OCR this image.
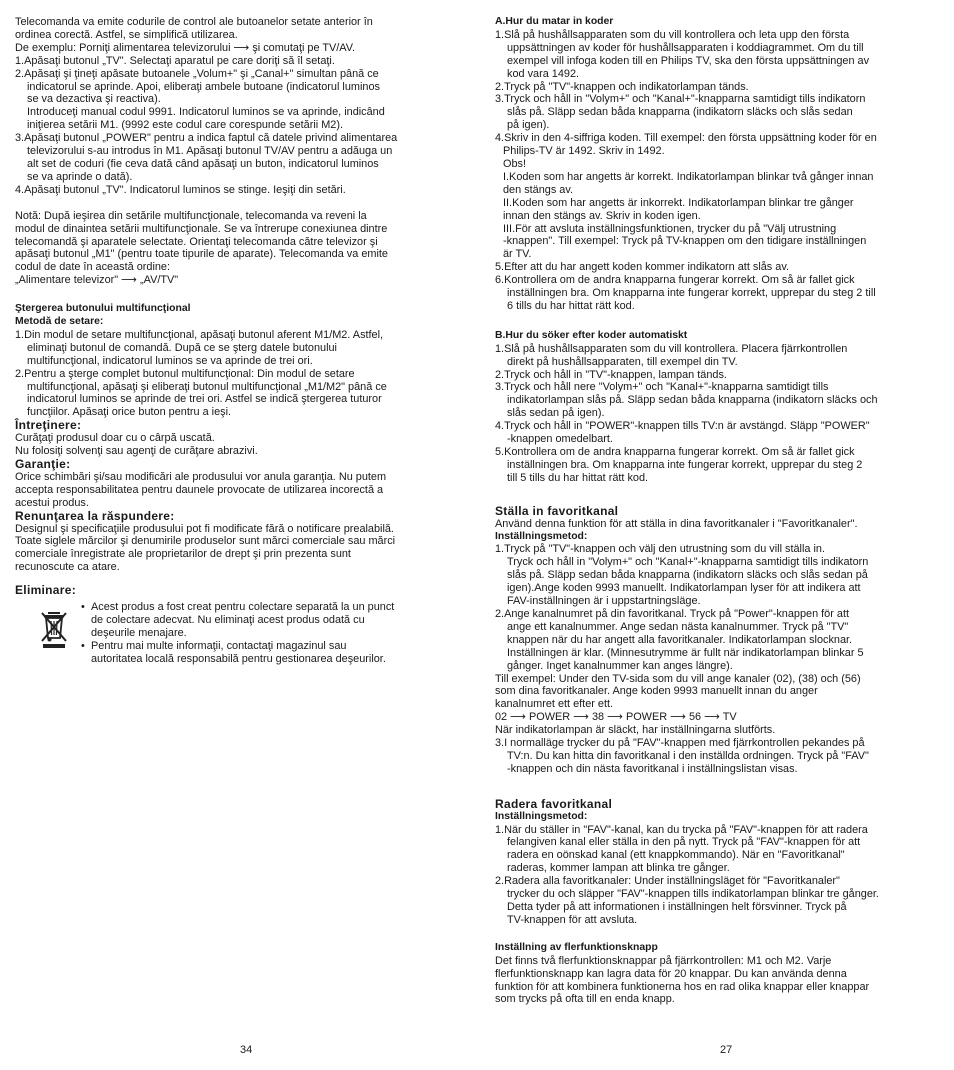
Telecomanda va emite codurile de control ale butoanelor setate anterior în

ordinea corectă. Astfel, se simplifică utilizarea.

De exemplu: Porniţi alimentarea televizorului ⟶ şi comutaţi pe TV/AV.

1.Apăsaţi butonul „TV". Selectaţi aparatul pe care doriţi să îl setaţi.

2.Apăsaţi şi ţineţi apăsate butoanele „Volum+" şi „Canal+" simultan până ce

indicatorul se aprinde. Apoi, eliberaţi ambele butoane (indicatorul luminos

se va dezactiva şi reactiva).

Introduceţi manual codul 9991. Indicatorul luminos se va aprinde, indicând

iniţierea setării M1. (9992 este codul care corespunde setării M2).

3.Apăsaţi butonul „POWER" pentru a indica faptul că datele privind alimentarea

televizorului s-au introdus în M1. Apăsaţi butonul TV/AV pentru a adăuga un

alt set de coduri (fie ceva dată când apăsaţi un buton, indicatorul luminos

se va aprinde o dată).

4.Apăsaţi butonul „TV". Indicatorul luminos se stinge. Ieşiţi din setări.

Notă: După ieşirea din setările multifuncţionale, telecomanda va reveni la

modul de dinaintea setării multifuncţionale. Se va întrerupe conexiunea dintre

telecomandă şi aparatele selectate. Orientaţi telecomanda către televizor şi

apăsaţi butonul „M1" (pentru toate tipurile de aparate). Telecomanda va emite

codul de date în această ordine:

„Alimentare televizor" ⟶ „AV/TV"

Ştergerea butonului multifuncţional

Metodă de setare:

1.Din modul de setare multifuncţional, apăsaţi butonul aferent M1/M2. Astfel,

eliminaţi butonul de comandă. După ce se şterg datele butonului

multifuncţional, indicatorul luminos se va aprinde de trei ori.

2.Pentru a şterge complet butonul multifuncţional: Din modul de setare

multifuncţional, apăsaţi şi eliberaţi butonul multifuncţional „M1/M2" până ce

indicatorul luminos se aprinde de trei ori. Astfel se indică ştergerea tuturor

funcţiilor. Apăsaţi orice buton pentru a ieşi.

Întreţinere:

Curăţaţi produsul doar cu o cârpă uscată.

Nu folosiţi solvenţi sau agenţi de curăţare abrazivi.

Garanţie:

Orice schimbări şi/sau modificări ale produsului vor anula garanţia. Nu putem

accepta responsabilitatea pentru daunele provocate de utilizarea incorectă a

acestui produs.

Renunţarea la răspundere:

Designul şi specificaţiile produsului pot fi modificate fără o notificare prealabilă.

Toate siglele mărcilor şi denumirile produselor sunt mărci comerciale sau mărci

comerciale înregistrate ale proprietarilor de drept şi prin prezenta sunt

recunoscute ca atare.

Eliminare:

• Acest produs a fost creat pentru colectare separată la un punct

de colectare adecvat. Nu eliminaţi acest produs odată cu

deşeurile menajare.

• Pentru mai multe informaţii, contactaţi magazinul sau

autoritatea locală responsabilă pentru gestionarea deşeurilor.

A.Hur du matar in koder

1.Slå på hushållsapparaten som du vill kontrollera och leta upp den första

uppsättningen av koder för hushållsapparaten i koddiagrammet. Om du till

exempel vill infoga koden till en Philips TV, ska den första uppsättningen av

kod vara 1492.

2.Tryck på "TV"-knappen och indikatorlampan tänds.

3.Tryck och håll in "Volym+" och "Kanal+"-knapparna samtidigt tills indikatorn

slås på. Släpp sedan båda knapparna (indikatorn släcks och slås sedan

på igen).

4.Skriv in den 4-siffriga koden. Till exempel: den första uppsättning koder för en

Philips-TV är 1492. Skriv in 1492.

Obs!

I.Koden som har angetts är korrekt. Indikatorlampan blinkar två gånger innan

den stängs av.

II.Koden som har angetts är inkorrekt. Indikatorlampan blinkar tre gånger

innan den stängs av. Skriv in koden igen.

III.För att avsluta inställningsfunktionen, trycker du på "Välj utrustning

-knappen". Till exempel: Tryck på TV-knappen om den tidigare inställningen

är TV.

5.Efter att du har angett koden kommer indikatorn att slås av.

6.Kontrollera om de andra knapparna fungerar korrekt. Om så är fallet gick

inställningen bra. Om knapparna inte fungerar korrekt, upprepar du steg 2 till

6 tills du har hittat rätt kod.

B.Hur du söker efter koder automatiskt

1.Slå på hushållsapparaten som du vill kontrollera. Placera fjärrkontrollen

direkt på hushållsapparaten, till exempel din TV.

2.Tryck och håll in "TV"-knappen, lampan tänds.

3.Tryck och håll nere "Volym+" och "Kanal+"-knapparna samtidigt tills

indikatorlampan slås på. Släpp sedan båda knapparna (indikatorn släcks och

slås sedan på igen).

4.Tryck och håll in "POWER"-knappen tills TV:n är avstängd. Släpp "POWER"

-knappen omedelbart.

5.Kontrollera om de andra knapparna fungerar korrekt. Om så är fallet gick

inställningen bra. Om knapparna inte fungerar korrekt, upprepar du steg 2

till 5 tills du har hittat rätt kod.

Ställa in favoritkanal

Använd denna funktion för att ställa in dina favoritkanaler i "Favoritkanaler".

Inställningsmetod:

1.Tryck på "TV"-knappen och välj den utrustning som du vill ställa in.

Tryck och håll in "Volym+" och "Kanal+"-knapparna samtidigt tills indikatorn

slås på. Släpp sedan båda knapparna (indikatorn släcks och slås sedan på

igen).Ange koden 9993 manuellt. Indikatorlampan lyser för att indikera att

FAV-inställningen är i uppstartningsläge.

2.Ange kanalnumret på din favoritkanal. Tryck på "Power"-knappen för att

ange ett kanalnummer. Ange sedan nästa kanalnummer. Tryck på "TV"

knappen när du har angett alla favoritkanaler. Indikatorlampan slocknar.

Inställningen är klar. (Minnesutrymme är fullt när indikatorlampan blinkar 5

gånger. Inget kanalnummer kan anges längre).

Till exempel: Under den TV-sida som du vill ange kanaler (02), (38) och (56)

som dina favoritkanaler. Ange koden 9993 manuellt innan du anger

kanalnumret ett efter ett.

02 ⟶ POWER ⟶ 38 ⟶ POWER ⟶ 56 ⟶ TV

När indikatorlampan är släckt, har inställningarna slutförts.

3.I normalläge trycker du på "FAV"-knappen med fjärrkontrollen pekandes på

TV:n. Du kan hitta din favoritkanal i den inställda ordningen. Tryck på "FAV"

-knappen och din nästa favoritkanal i inställningslistan visas.

Radera favoritkanal

Inställningsmetod:

1.När du ställer in "FAV"-kanal, kan du trycka på "FAV"-knappen för att radera

felangiven kanal eller ställa in den på nytt. Tryck på "FAV"-knappen för att

radera en oönskad kanal (ett knappkommando). När en "Favoritkanal"

raderas, kommer lampan att blinka tre gånger.

2.Radera alla favoritkanaler: Under inställningsläget för "Favoritkanaler"

trycker du och släpper "FAV"-knappen tills indikatorlampan blinkar tre gånger.

Detta tyder på att informationen i inställningen helt försvinner. Tryck på

TV-knappen för att avsluta.

Inställning av flerfunktionsknapp

Det finns två flerfunktionsknappar på fjärrkontrollen: M1 och M2. Varje

flerfunktionsknapp kan lagra data för 20 knappar. Du kan använda denna

funktion för att kombinera funktionerna hos en rad olika knappar eller knappar

som trycks på ofta till en enda knapp.

34	27
